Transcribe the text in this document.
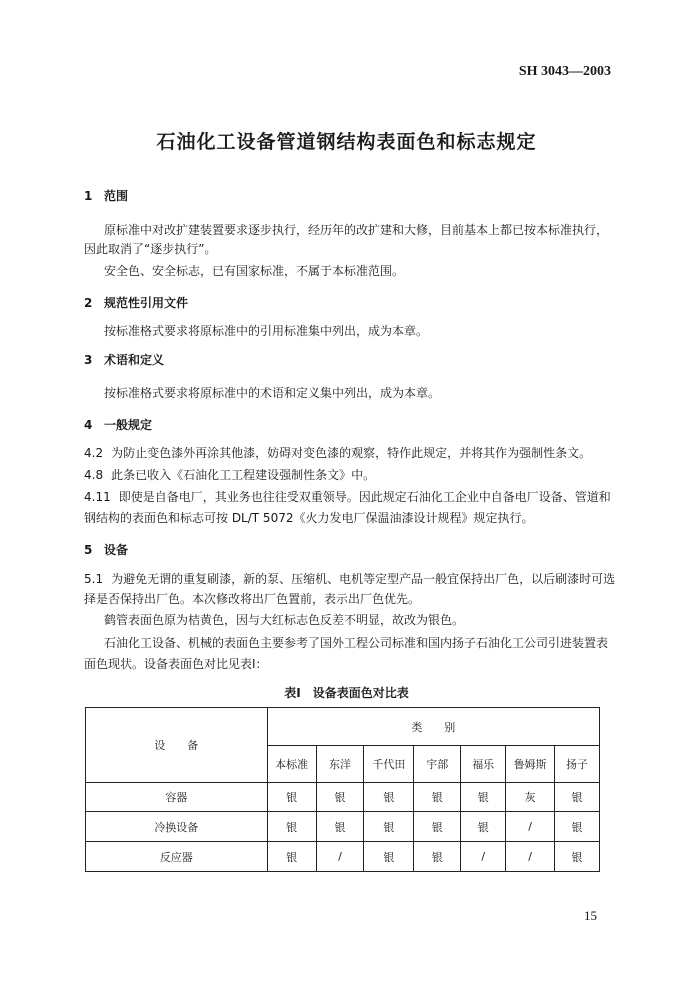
SH 3043—2003
石油化工设备管道钢结构表面色和标志规定
1 范围
原标准中对改扩建装置要求逐步执行，经历年的改扩建和大修，目前基本上都已按本标准执行，
因此取消了“逐步执行”。
安全色、安全标志，已有国家标准，不属于本标准范围。
2 规范性引用文件
按标准格式要求将原标准中的引用标准集中列出，成为本章。
3 术语和定义
按标准格式要求将原标准中的术语和定义集中列出，成为本章。
4 一般规定
4.2 为防止变色漆外再涂其他漆，妨碍对变色漆的观察，特作此规定，并将其作为强制性条文。
4.8 此条已收入《石油化工工程建设强制性条文》中。
4.11 即使是自备电厂，其业务也往往受双重领导。因此规定石油化工企业中自备电厂设备、管道和
钢结构的表面色和标志可按 DL/T 5072《火力发电厂保温油漆设计规程》规定执行。
5 设备
5.1 为避免无谓的重复刷漆，新的泵、压缩机、电机等定型产品一般宜保持出厂色，以后刷漆时可选
择是否保持出厂色。本次修改将出厂色置前，表示出厂色优先。
鹤管表面色原为桔黄色，因与大红标志色反差不明显，故改为银色。
石油化工设备、机械的表面色主要参考了国外工程公司标准和国内扬子石油化工公司引进装置表
面色现状。设备表面色对比见表Ⅰ：
表Ⅰ　设备表面色对比表
设　　备	类　　别						
	本标准	东洋	千代田	宇部	福乐	鲁姆斯	扬子
容器	银	银	银	银	银	灰	银
冷换设备	银	银	银	银	银	/	银
反应器	银	/	银	银	/	/	银
15
